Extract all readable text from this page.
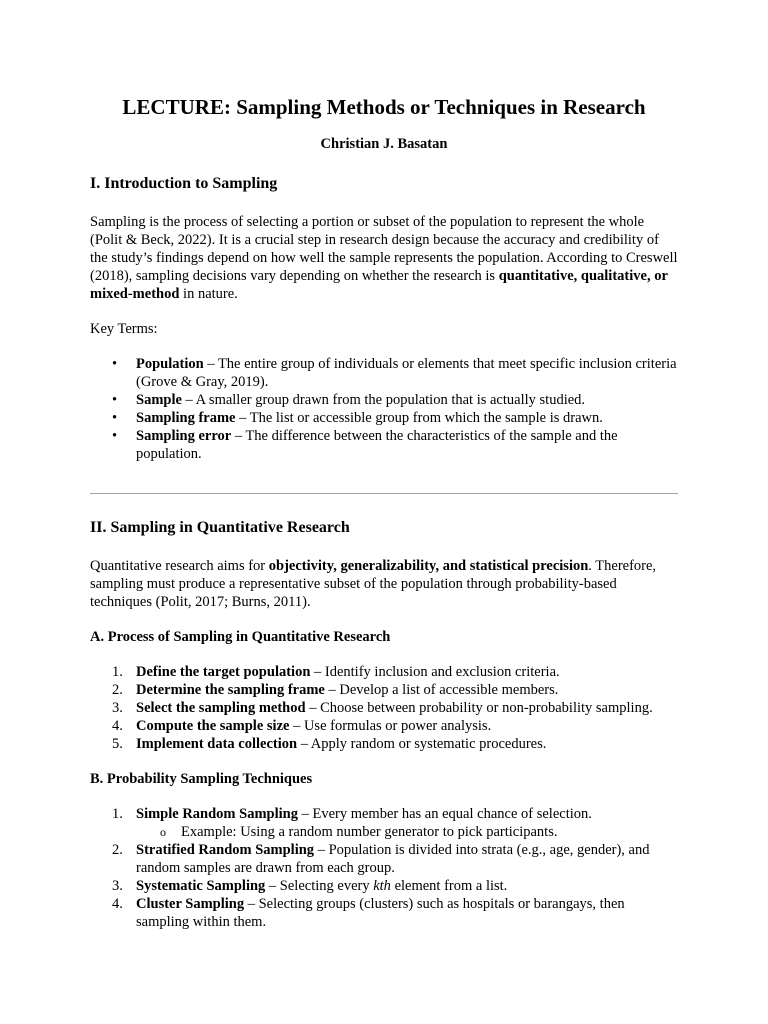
LECTURE: Sampling Methods or Techniques in Research

Christian J. Basatan

I. Introduction to Sampling

Sampling is the process of selecting a portion or subset of the population to represent the whole (Polit & Beck, 2022). It is a crucial step in research design because the accuracy and credibility of the study’s findings depend on how well the sample represents the population. According to Creswell (2018), sampling decisions vary depending on whether the research is quantitative, qualitative, or mixed-method in nature.

Key Terms:

• Population – The entire group of individuals or elements that meet specific inclusion criteria (Grove & Gray, 2019).
• Sample – A smaller group drawn from the population that is actually studied.
• Sampling frame – The list or accessible group from which the sample is drawn.
• Sampling error – The difference between the characteristics of the sample and the population.
II. Sampling in Quantitative Research

Quantitative research aims for objectivity, generalizability, and statistical precision. Therefore, sampling must produce a representative subset of the population through probability-based techniques (Polit, 2017; Burns, 2011).

A. Process of Sampling in Quantitative Research
1. Define the target population – Identify inclusion and exclusion criteria.
2. Determine the sampling frame – Develop a list of accessible members.
3. Select the sampling method – Choose between probability or non-probability sampling.
4. Compute the sample size – Use formulas or power analysis.
5. Implement data collection – Apply random or systematic procedures.
B. Probability Sampling Techniques
1. Simple Random Sampling – Every member has an equal chance of selection.
o Example: Using a random number generator to pick participants.
2. Stratified Random Sampling – Population is divided into strata (e.g., age, gender), and random samples are drawn from each group.
3. Systematic Sampling – Selecting every kth element from a list.
4. Cluster Sampling – Selecting groups (clusters) such as hospitals or barangays, then sampling within them.
